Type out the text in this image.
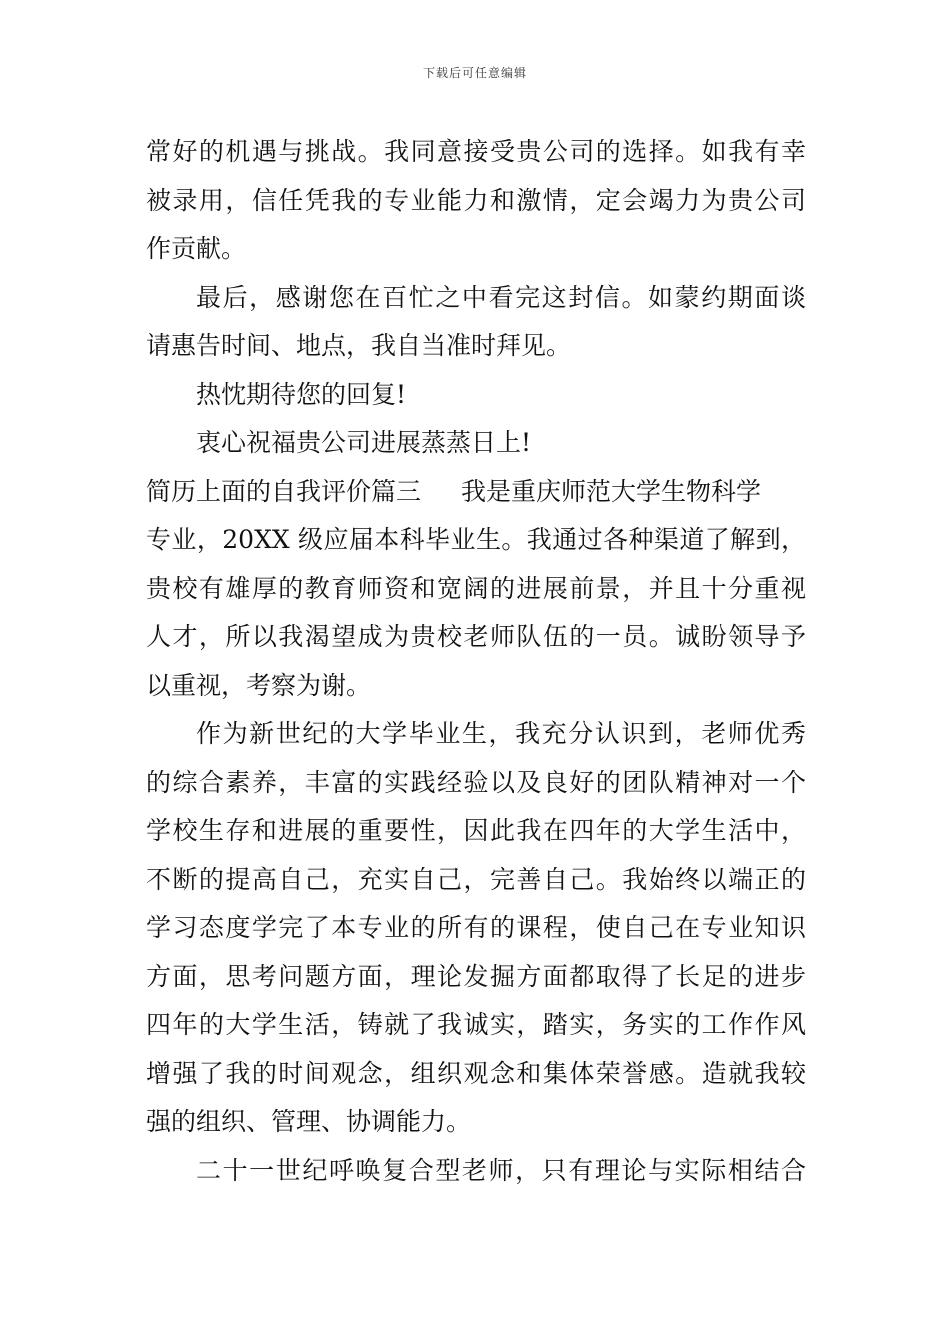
下载后可任意编辑
常好的机遇与挑战。我同意接受贵公司的选择。如我有幸
被录用，信任凭我的专业能力和激情，定会竭力为贵公司
作贡献。
最后，感谢您在百忙之中看完这封信。如蒙约期面谈
请惠告时间、地点，我自当准时拜见。
热忱期待您的回复!
衷心祝福贵公司进展蒸蒸日上!
简历上面的自我评价篇三 我是重庆师范大学生物科学
专业，20XX 级应届本科毕业生。我通过各种渠道了解到，
贵校有雄厚的教育师资和宽阔的进展前景，并且十分重视
人才，所以我渴望成为贵校老师队伍的一员。诚盼领导予
以重视，考察为谢。
作为新世纪的大学毕业生，我充分认识到，老师优秀
的综合素养，丰富的实践经验以及良好的团队精神对一个
学校生存和进展的重要性，因此我在四年的大学生活中，
不断的提高自己，充实自己，完善自己。我始终以端正的
学习态度学完了本专业的所有的课程，使自己在专业知识
方面，思考问题方面，理论发掘方面都取得了长足的进步
四年的大学生活，铸就了我诚实，踏实，务实的工作作风
增强了我的时间观念，组织观念和集体荣誉感。造就我较
强的组织、管理、协调能力。
二十一世纪呼唤复合型老师，只有理论与实际相结合
